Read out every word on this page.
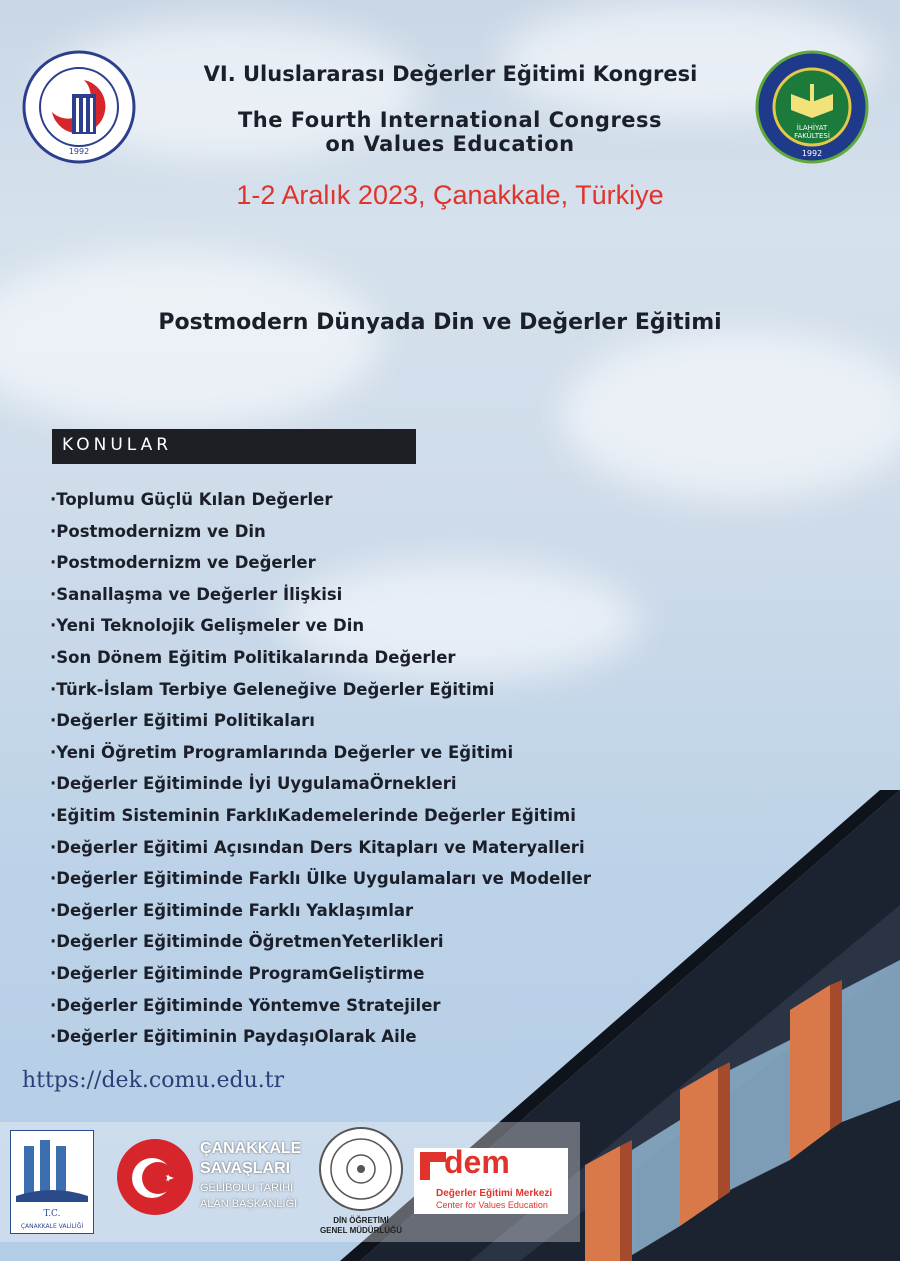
1992
İLAHİYAT
FAKÜLTESİ
1992
VI. Uluslararası Değerler Eğitimi Kongresi
The Fourth International Congress
on Values Education
1-2 Aralık 2023, Çanakkale, Türkiye
Postmodern Dünyada Din ve Değerler Eğitimi
KONULAR
·Toplumu Güçlü Kılan Değerler
·Postmodernizm ve Din
·Postmodernizm ve Değerler
·Sanallaşma ve Değerler İlişkisi
·Yeni Teknolojik Gelişmeler ve Din
·Son Dönem Eğitim Politikalarında Değerler
·Türk-İslam Terbiye Geleneğive Değerler Eğitimi
·Değerler Eğitimi Politikaları
·Yeni Öğretim Programlarında Değerler ve Eğitimi
·Değerler Eğitiminde İyi UygulamaÖrnekleri
·Eğitim Sisteminin FarklıKademelerinde Değerler Eğitimi
·Değerler Eğitimi Açısından Ders Kitapları ve Materyalleri
·Değerler Eğitiminde Farklı Ülke Uygulamaları ve Modeller
·Değerler Eğitiminde Farklı Yaklaşımlar
·Değerler Eğitiminde ÖğretmenYeterlikleri
·Değerler Eğitiminde ProgramGeliştirme
·Değerler Eğitiminde Yöntemve Stratejiler
·Değerler Eğitiminin PaydaşıOlarak Aile
https://dek.comu.edu.tr
T.C.
ÇANAKKALE VALİLİĞİ
ÇANAKKALE
SAVAŞLARI
GELİBOLU TARİHİ
ALAN BAŞKANLIĞI
DİN ÖĞRETİMİ
GENEL MÜDÜRLÜĞÜ
dem
Değerler Eğitimi Merkezi
Center for Values Education
